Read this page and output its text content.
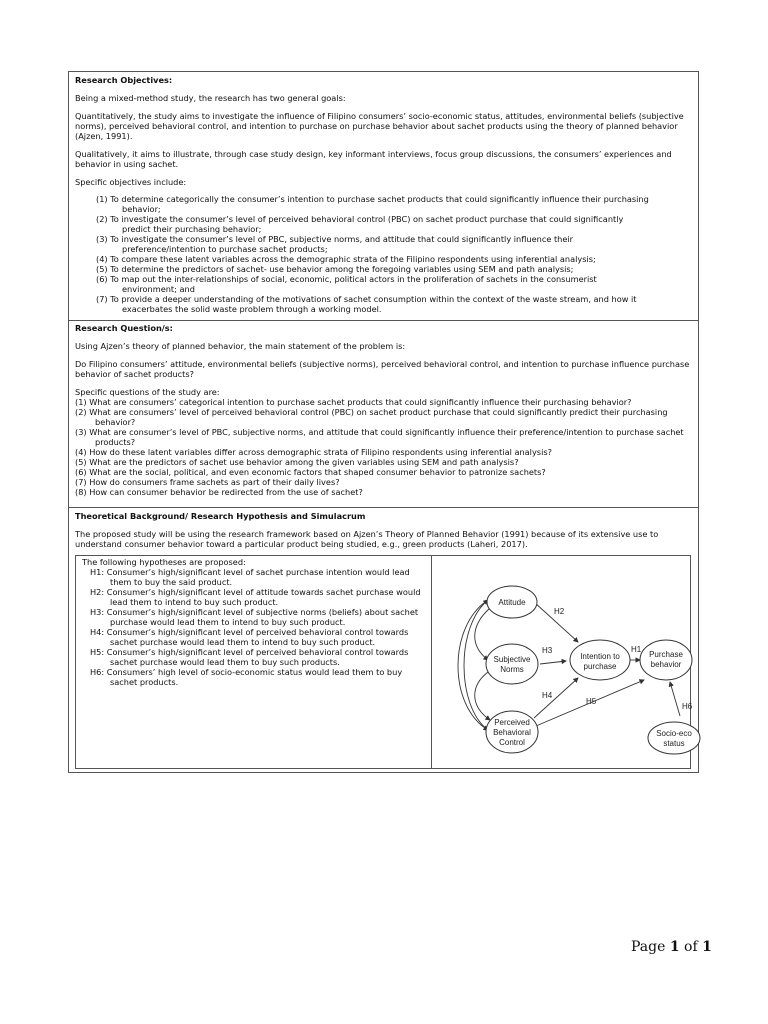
Research Objectives:

Being a mixed-method study, the research has two general goals:

Quantitatively, the study aims to investigate the influence of Filipino consumers’ socio-economic status, attitudes, environmental beliefs (subjective norms), perceived behavioral control, and intention to purchase on purchase behavior about sachet products using the theory of planned behavior (Ajzen, 1991).

Qualitatively, it aims to illustrate, through case study design, key informant interviews, focus group discussions, the consumers’ experiences and behavior in using sachet.

Specific objectives include:

(1) To determine categorically the consumer’s intention to purchase sachet products that could significantly influence their purchasing
behavior;
(2) To investigate the consumer’s level of perceived behavioral control (PBC) on sachet product purchase that could significantly
predict their purchasing behavior;
(3) To investigate the consumer’s level of PBC, subjective norms, and attitude that could significantly influence their
preference/intention to purchase sachet products;
(4) To compare these latent variables across the demographic strata of the Filipino respondents using inferential analysis;
(5) To determine the predictors of sachet- use behavior among the foregoing variables using SEM and path analysis;
(6) To map out the inter-relationships of social, economic, political actors in the proliferation of sachets in the consumerist
environment; and
(7) To provide a deeper understanding of the motivations of sachet consumption within the context of the waste stream, and how it
exacerbates the solid waste problem through a working model.

Research Question/s:

Using Ajzen’s theory of planned behavior, the main statement of the problem is:

Do Filipino consumers’ attitude, environmental beliefs (subjective norms), perceived behavioral control, and intention to purchase influence purchase behavior of sachet products?

Specific questions of the study are:

(1) What are consumers’ categorical intention to purchase sachet products that could significantly influence their purchasing behavior?
(2) What are consumers’ level of perceived behavioral control (PBC) on sachet product purchase that could significantly predict their purchasing behavior?
(3) What are consumer’s level of PBC, subjective norms, and attitude that could significantly influence their preference/intention to purchase sachet products?
(4) How do these latent variables differ across demographic strata of Filipino respondents using inferential analysis?
(5) What are the predictors of sachet use behavior among the given variables using SEM and path analysis?
(6) What are the social, political, and even economic factors that shaped consumer behavior to patronize sachets?
(7) How do consumers frame sachets as part of their daily lives?
(8) How can consumer behavior be redirected from the use of sachet?

Theoretical Background/ Research Hypothesis and Simulacrum

The proposed study will be using the research framework based on Ajzen’s Theory of Planned Behavior (1991) because of its extensive use to understand consumer behavior toward a particular product being studied, e.g., green products (Laheri, 2017).

The following hypotheses are proposed:

H1: Consumer’s high/significant level of sachet purchase intention would lead them to buy the said product.
H2: Consumer’s high/significant level of attitude towards sachet purchase would lead them to intend to buy such product.
H3: Consumer’s high/significant level of subjective norms (beliefs) about sachet purchase would lead them to intend to buy such product.
H4: Consumer’s high/significant level of perceived behavioral control towards sachet purchase would lead them to intend to buy such product.
H5: Consumer’s high/significant level of perceived behavioral control towards sachet purchase would lead them to buy such products.
H6: Consumers’ high level of socio-economic status would lead them to buy sachet products.
Attitude
Subjective
Norms
Perceived
Behavioral
Control
Intention to
purchase
Purchase
behavior
Socio-eco
status
H2
H3
H4
H5
H1
H6
Page 1 of 1
